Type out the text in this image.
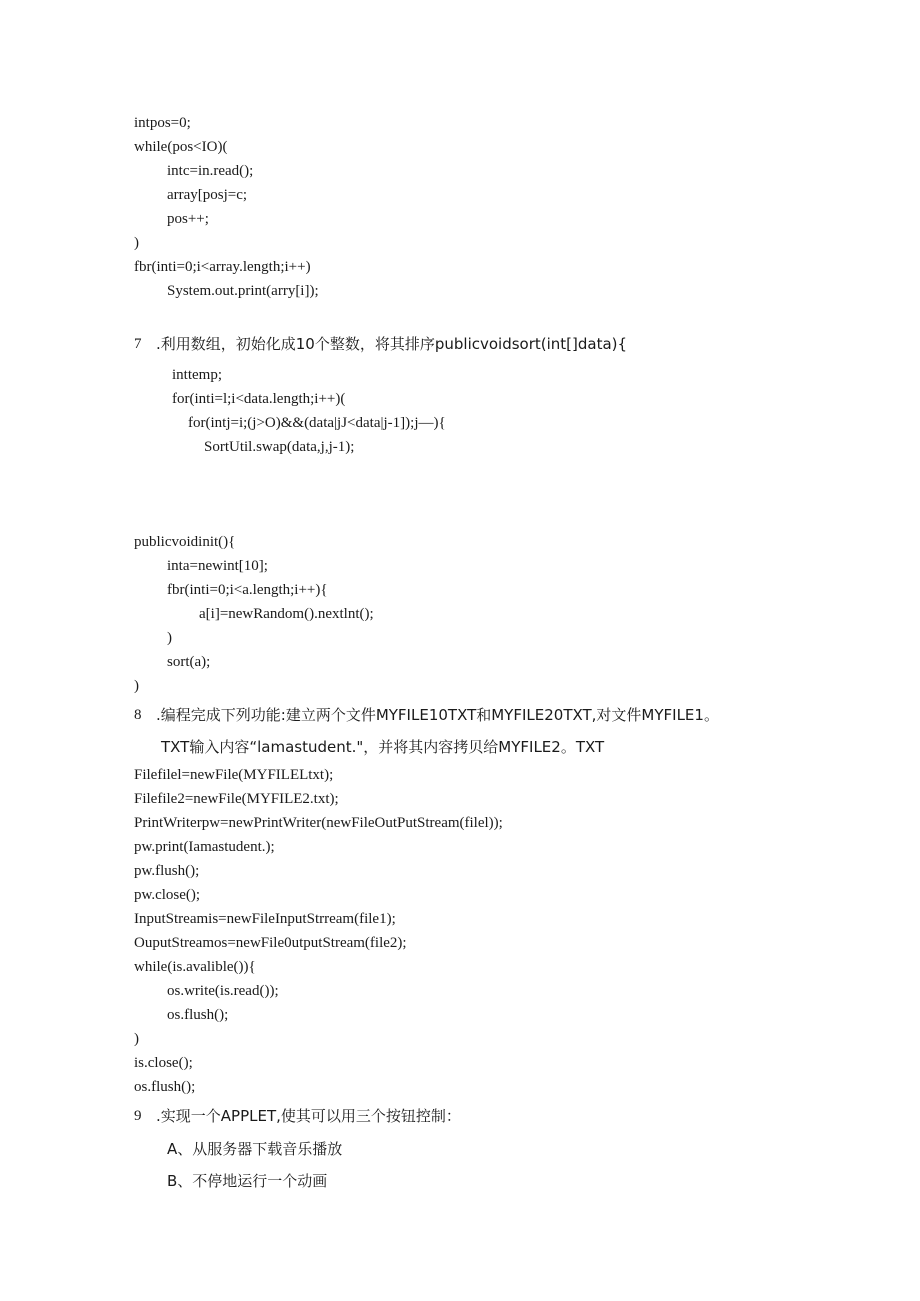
intpos=0;
while(pos<IO)(
intc=in.read();
array[posj=c;
pos++;
)
fbr(inti=0;i<array.length;i++)
System.out.print(arry[i]);
7 .利用数组，初始化成10个整数，将其排序publicvoidsort(int[]data){
inttemp;
for(inti=l;i<data.length;i++)(
for(intj=i;(j>O)&&(data|jJ<data|j-1]);j—){
SortUtil.swap(data,j,j-1);
publicvoidinit(){
inta=newint[10];
fbr(inti=0;i<a.length;i++){
a[i]=newRandom().nextlnt();
)
sort(a);
)
8 .编程完成下列功能:建立两个文件MYFILE10TXT和MYFILE20TXT,对文件MYFILE1。
TXT输入内容“lamastudent."，并将其内容拷贝给MYFILE2。TXT
Filefilel=newFile(MYFILELtxt);
Filefile2=newFile(MYFILE2.txt);
PrintWriterpw=newPrintWriter(newFileOutPutStream(filel));
pw.print(Iamastudent.);
pw.flush();
pw.close();
InputStreamis=newFileInputStrream(file1);
OuputStreamos=newFile0utputStream(file2);
while(is.avalible()){
os.write(is.read());
os.flush();
)
is.close();
os.flush();
9 .实现一个APPLET,使其可以用三个按钮控制：
A、从服务器下载音乐播放
B、不停地运行一个动画
